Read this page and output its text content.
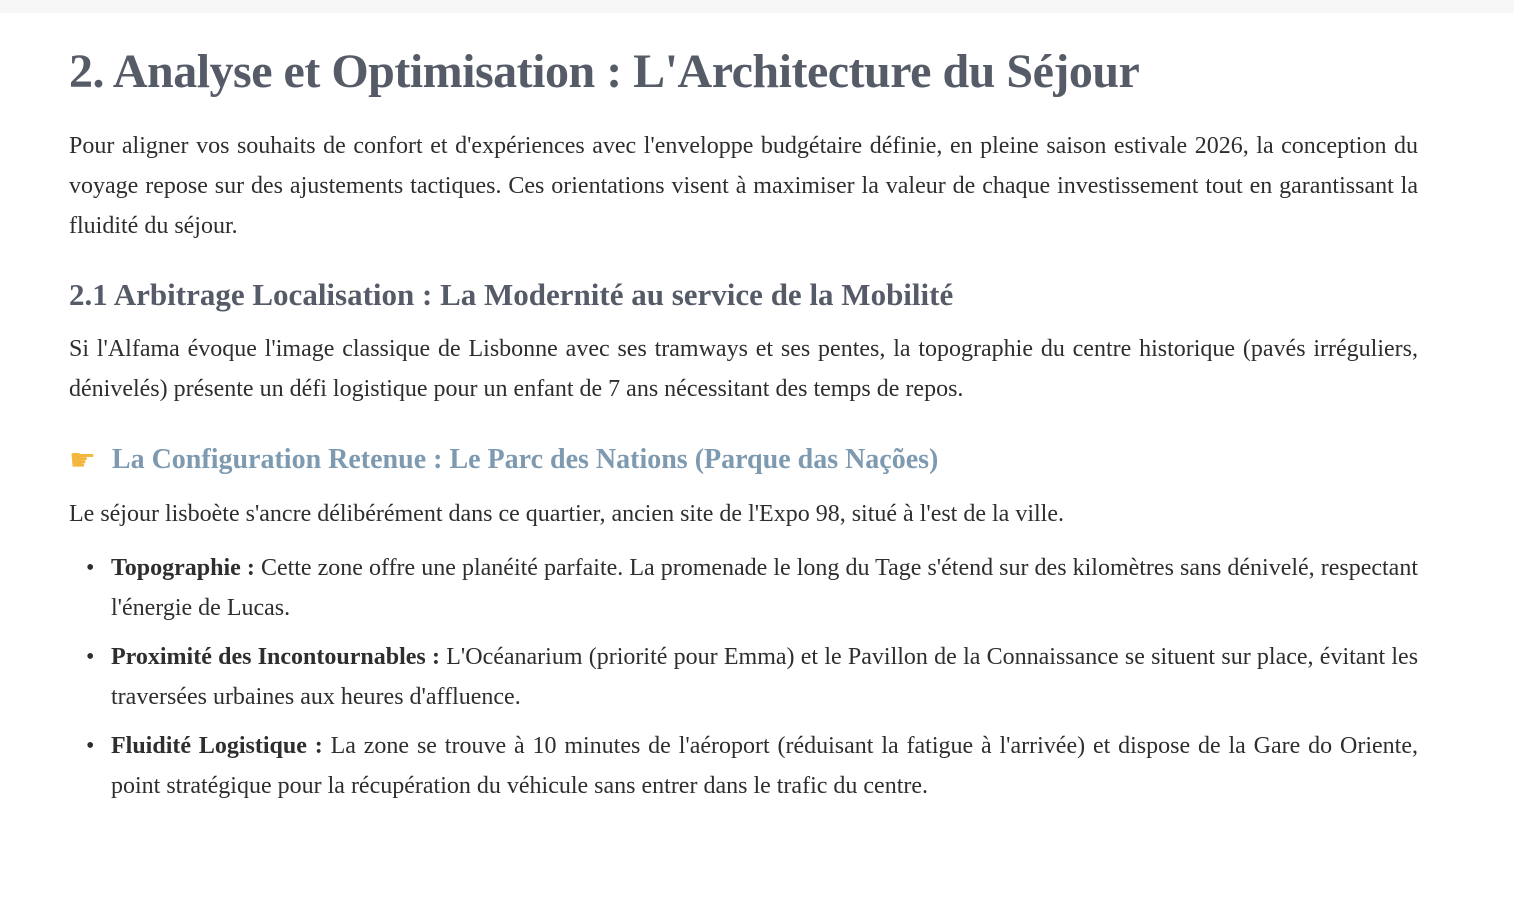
2. Analyse et Optimisation : L'Architecture du Séjour

Pour aligner vos souhaits de confort et d'expériences avec l'enveloppe budgétaire définie, en pleine saison estivale 2026, la conception du voyage repose sur des ajustements tactiques. Ces orientations visent à maximiser la valeur de chaque investissement tout en garantissant la fluidité du séjour.

2.1 Arbitrage Localisation : La Modernité au service de la Mobilité

Si l'Alfama évoque l'image classique de Lisbonne avec ses tramways et ses pentes, la topographie du centre historique (pavés irréguliers, dénivelés) présente un défi logistique pour un enfant de 7 ans nécessitant des temps de repos.

☛ La Configuration Retenue : Le Parc des Nations (Parque das Nações)

Le séjour lisboète s'ancre délibérément dans ce quartier, ancien site de l'Expo 98, situé à l'est de la ville.

• Topographie : Cette zone offre une planéité parfaite. La promenade le long du Tage s'étend sur des kilomètres sans dénivelé, respectant l'énergie de Lucas.
• Proximité des Incontournables : L'Océanarium (priorité pour Emma) et le Pavillon de la Connaissance se situent sur place, évitant les traversées urbaines aux heures d'affluence.
• Fluidité Logistique : La zone se trouve à 10 minutes de l'aéroport (réduisant la fatigue à l'arrivée) et dispose de la Gare do Oriente, point stratégique pour la récupération du véhicule sans entrer dans le trafic du centre.
